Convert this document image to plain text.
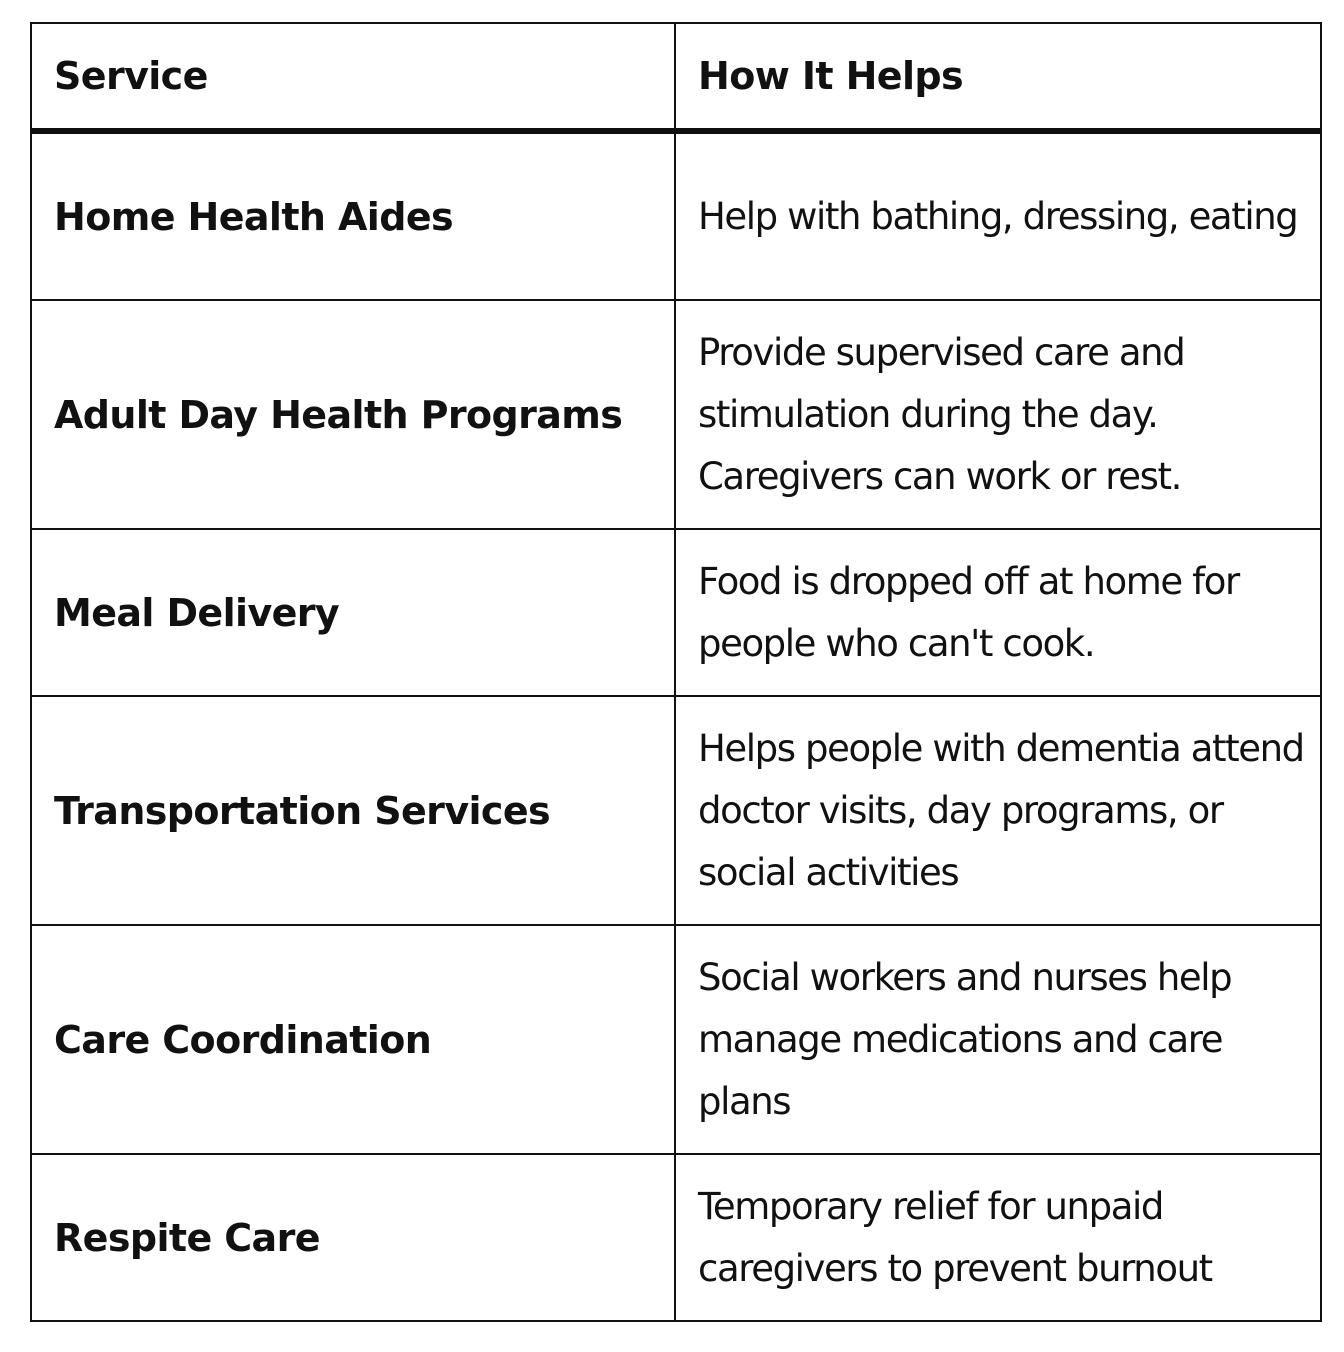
Service	How It Helps
Home Health Aides	Help with bathing, dressing, eating
Adult Day Health Programs	Provide supervised care and stimulation during the day. Caregivers can work or rest.
Meal Delivery	Food is dropped off at home for people who can't cook.
Transportation Services	Helps people with dementia attend doctor visits, day programs, or social activities
Care Coordination	Social workers and nurses help manage medications and care plans
Respite Care	Temporary relief for unpaid caregivers to prevent burnout
